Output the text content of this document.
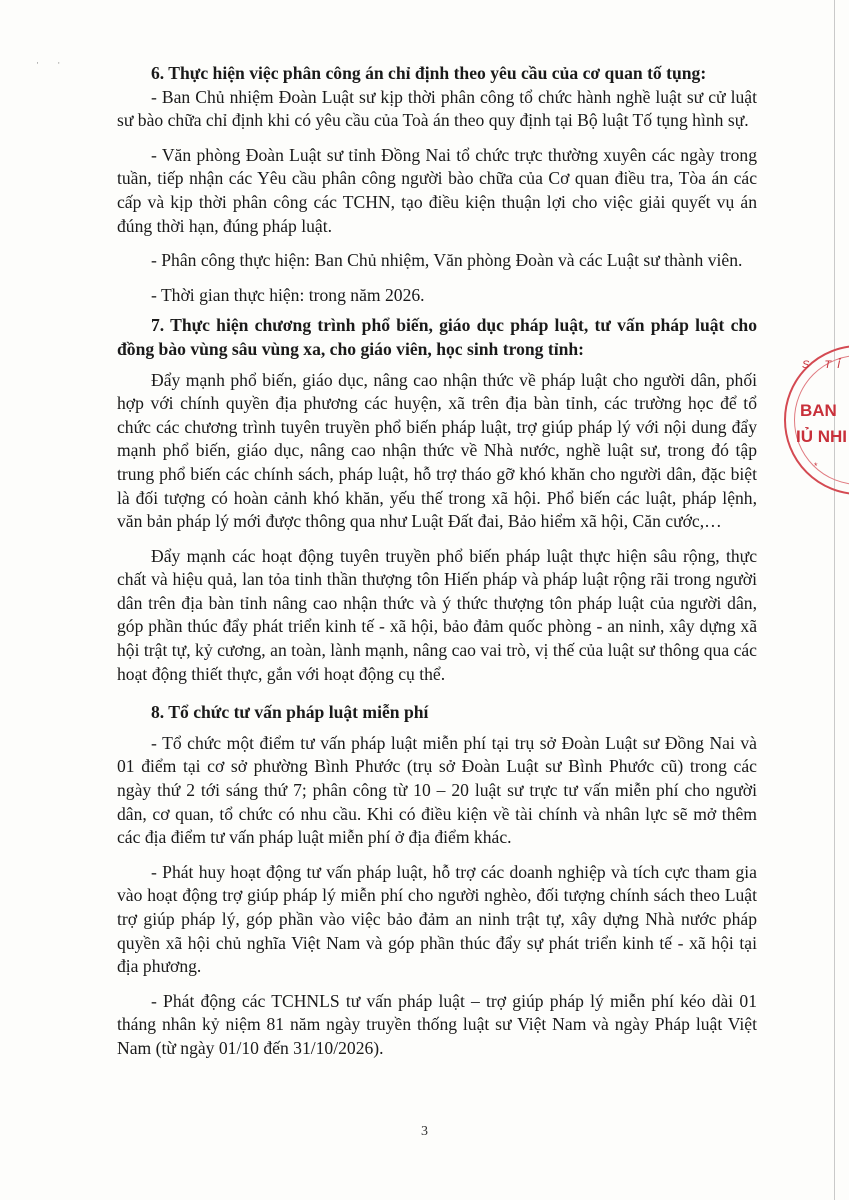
· ·	6. Thực hiện việc phân công án chỉ định theo yêu cầu của cơ quan tố tụng:

- Ban Chủ nhiệm Đoàn Luật sư kịp thời phân công tổ chức hành nghề luật sư cử luật sư bào chữa chỉ định khi có yêu cầu của Toà án theo quy định tại Bộ luật Tố tụng hình sự.

- Văn phòng Đoàn Luật sư tỉnh Đồng Nai tổ chức trực thường xuyên các ngày trong tuần, tiếp nhận các Yêu cầu phân công người bào chữa của Cơ quan điều tra, Tòa án các cấp và kịp thời phân công các TCHN, tạo điều kiện thuận lợi cho việc giải quyết vụ án đúng thời hạn, đúng pháp luật.

- Phân công thực hiện: Ban Chủ nhiệm, Văn phòng Đoàn và các Luật sư thành viên.

- Thời gian thực hiện: trong năm 2026.

7. Thực hiện chương trình phổ biến, giáo dục pháp luật, tư vấn pháp luật cho đồng bào vùng sâu vùng xa, cho giáo viên, học sinh trong tỉnh:

Đẩy mạnh phổ biến, giáo dục, nâng cao nhận thức về pháp luật cho người dân, phối hợp với chính quyền địa phương các huyện, xã trên địa bàn tỉnh, các trường học để tổ chức các chương trình tuyên truyền phổ biến pháp luật, trợ giúp pháp lý với nội dung đẩy mạnh phổ biến, giáo dục, nâng cao nhận thức về Nhà nước, nghề luật sư, trong đó tập trung phổ biến các chính sách, pháp luật, hỗ trợ tháo gỡ khó khăn cho người dân, đặc biệt là đối tượng có hoàn cảnh khó khăn, yếu thế trong xã hội. Phổ biến các luật, pháp lệnh, văn bản pháp lý mới được thông qua như Luật Đất đai, Bảo hiểm xã hội, Căn cước,…

Đẩy mạnh các hoạt động tuyên truyền phổ biến pháp luật thực hiện sâu rộng, thực chất và hiệu quả, lan tỏa tinh thần thượng tôn Hiến pháp và pháp luật rộng rãi trong người dân trên địa bàn tỉnh nâng cao nhận thức và ý thức thượng tôn pháp luật của người dân, góp phần thúc đẩy phát triển kinh tế - xã hội, bảo đảm quốc phòng - an ninh, xây dựng xã hội trật tự, kỷ cương, an toàn, lành mạnh, nâng cao vai trò, vị thế của luật sư thông qua các hoạt động thiết thực, gắn với hoạt động cụ thể.

8. Tổ chức tư vấn pháp luật miễn phí

- Tổ chức một điểm tư vấn pháp luật miễn phí tại trụ sở Đoàn Luật sư Đồng Nai và 01 điểm tại cơ sở phường Bình Phước (trụ sở Đoàn Luật sư Bình Phước cũ) trong các ngày thứ 2 tới sáng thứ 7; phân công từ 10 – 20 luật sư trực tư vấn miễn phí cho người dân, cơ quan, tổ chức có nhu cầu. Khi có điều kiện về tài chính và nhân lực sẽ mở thêm các địa điểm tư vấn pháp luật miễn phí ở địa điểm khác.

- Phát huy hoạt động tư vấn pháp luật, hỗ trợ các doanh nghiệp và tích cực tham gia vào hoạt động trợ giúp pháp lý miễn phí cho người nghèo, đối tượng chính sách theo Luật trợ giúp pháp lý, góp phần vào việc bảo đảm an ninh trật tự, xây dựng Nhà nước pháp quyền xã hội chủ nghĩa Việt Nam và góp phần thúc đẩy sự phát triển kinh tế - xã hội tại địa phương.

- Phát động các TCHNLS tư vấn pháp luật – trợ giúp pháp lý miễn phí kéo dài 01 tháng nhân kỷ niệm 81 năm ngày truyền thống luật sư Việt Nam và ngày Pháp luật Việt Nam (từ ngày 01/10 đến 31/10/2026).

3
S TỈ
BAN
IỦ NHI
*
